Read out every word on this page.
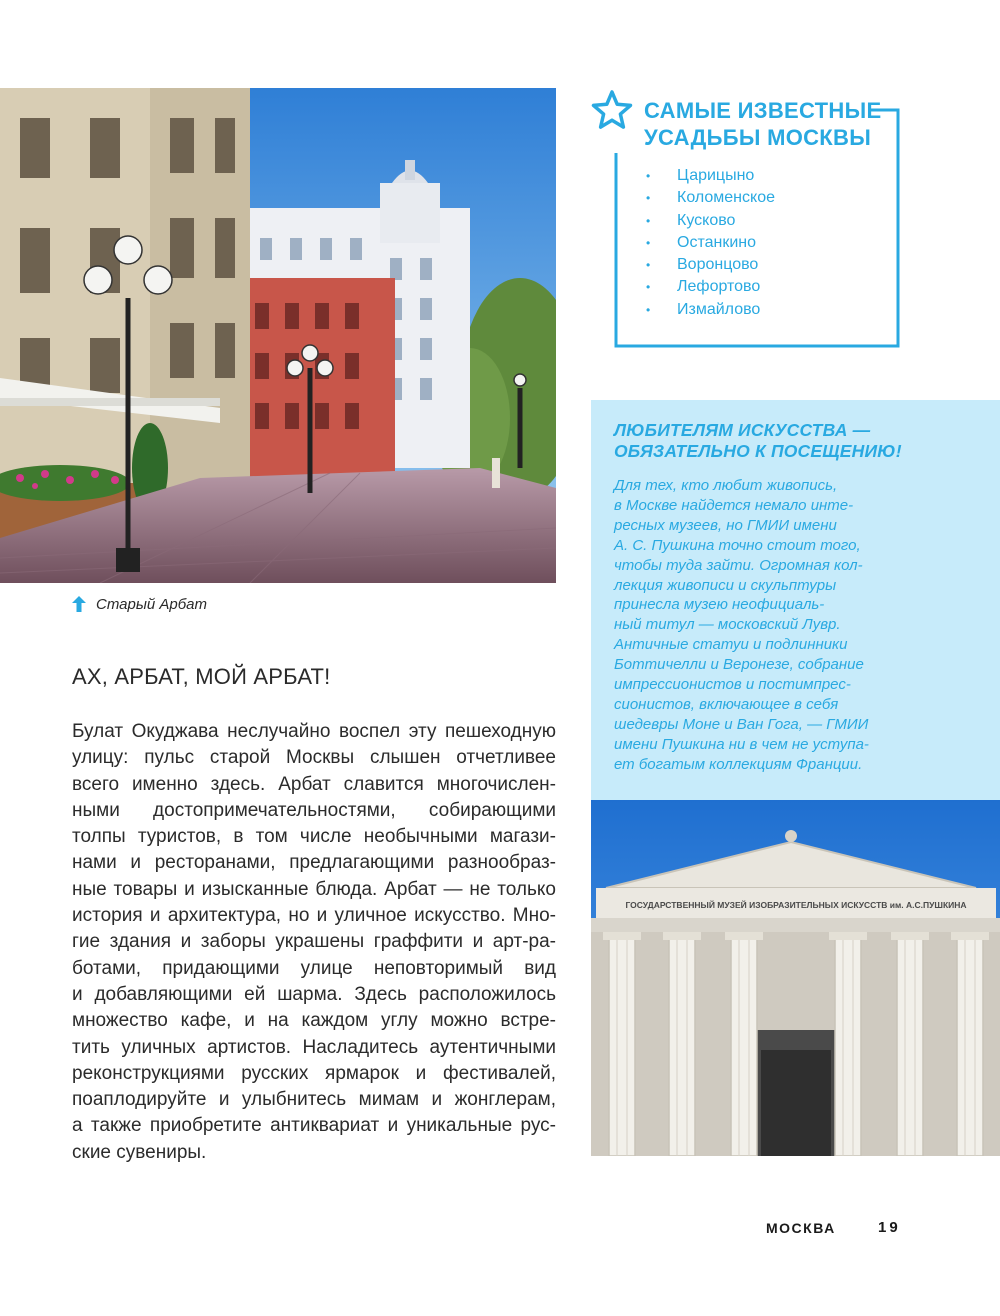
Старый Арбат
АХ, АРБАТ, МОЙ АРБАТ!
Булат Окуджава неслучайно воспел эту пешеходную
улицу: пульс старой Москвы слышен отчетливее
всего именно здесь. Арбат славится многочислен-
ными достопримечательностями, собирающими
толпы туристов, в том числе необычными магази-
нами и ресторанами, предлагающими разнообраз-
ные товары и изысканные блюда. Арбат — не только
история и архитектура, но и уличное искусство. Мно-
гие здания и заборы украшены граффити и арт-ра-
ботами, придающими улице неповторимый вид
и добавляющими ей шарма. Здесь расположилось
множество кафе, и на каждом углу можно встре-
тить уличных артистов. Насладитесь аутентичными
реконструкциями русских ярмарок и фестивалей,
поаплодируйте и улыбнитесь мимам и жонглерам,
а также приобретите антиквариат и уникальные рус-
ские сувениры.
САМЫЕ ИЗВЕСТНЫЕ
УСАДЬБЫ МОСКВЫ
•	Царицыно
•	Коломенское
•	Кусково
•	Останкино
•	Воронцово
•	Лефортово
•	Измайлово
ЛЮБИТЕЛЯМ ИСКУССТВА —
ОБЯЗАТЕЛЬНО К ПОСЕЩЕНИЮ!
Для тех, кто любит живопись,
в Москве найдется немало инте-
ресных музеев, но ГМИИ имени
А. С. Пушкина точно стоит того,
чтобы туда зайти. Огромная кол-
лекция живописи и скульптуры
принесла музею неофициаль-
ный титул — московский Лувр.
Античные статуи и подлинники
Боттичелли и Веронезе, собрание
импрессионистов и постимпрес-
сионистов, включающее в себя
шедевры Моне и Ван Гога, — ГМИИ
имени Пушкина ни в чем не уступа-
ет богатым коллекциям Франции.
ГОСУДАРСТВЕННЫЙ МУЗЕЙ ИЗОБРАЗИТЕЛЬНЫХ ИСКУССТВ им. А.С.ПУШКИНА
МОСКВА	19
